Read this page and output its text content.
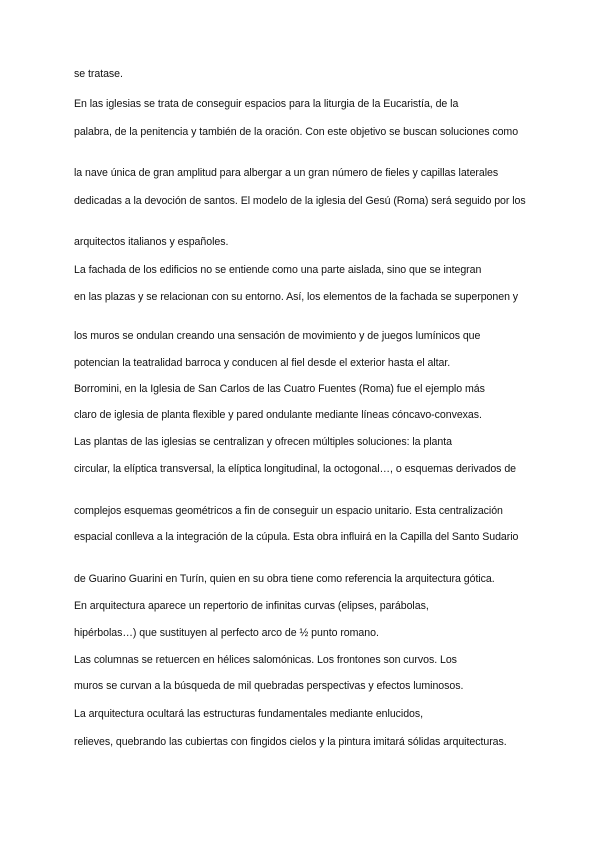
se tratase.
En las iglesias se trata de conseguir espacios para la liturgia de la Eucaristía, de la
palabra, de la penitencia y también de la oración. Con este objetivo se buscan soluciones como
la nave única de gran amplitud para albergar a un gran número de fieles y capillas laterales
dedicadas a la devoción de santos. El modelo de la iglesia del Gesú (Roma) será seguido por los
arquitectos italianos y españoles.
La fachada de los edificios no se entiende como una parte aislada, sino que se integran
en las plazas y se relacionan con su entorno. Así, los elementos de la fachada se superponen y
los muros se ondulan creando una sensación de movimiento y de juegos lumínicos que
potencian la teatralidad barroca y conducen al fiel desde el exterior hasta el altar.
Borromini, en la Iglesia de San Carlos de las Cuatro Fuentes (Roma) fue el ejemplo más
claro de iglesia de planta flexible y pared ondulante mediante líneas cóncavo-convexas.
Las plantas de las iglesias se centralizan y ofrecen múltiples soluciones: la planta
circular, la elíptica transversal, la elíptica longitudinal, la octogonal…, o esquemas derivados de
complejos esquemas geométricos a fin de conseguir un espacio unitario. Esta centralización
espacial conlleva a la integración de la cúpula. Esta obra influirá en la Capilla del Santo Sudario
de Guarino Guarini en Turín, quien en su obra tiene como referencia la arquitectura gótica.
En arquitectura aparece un repertorio de infinitas curvas (elipses, parábolas,
hipérbolas…) que sustituyen al perfecto arco de ½ punto romano.
Las columnas se retuercen en hélices salomónicas. Los frontones son curvos. Los
muros se curvan a la búsqueda de mil quebradas perspectivas y efectos luminosos.
La arquitectura ocultará las estructuras fundamentales mediante enlucidos,
relieves, quebrando las cubiertas con fingidos cielos y la pintura imitará sólidas arquitecturas.
